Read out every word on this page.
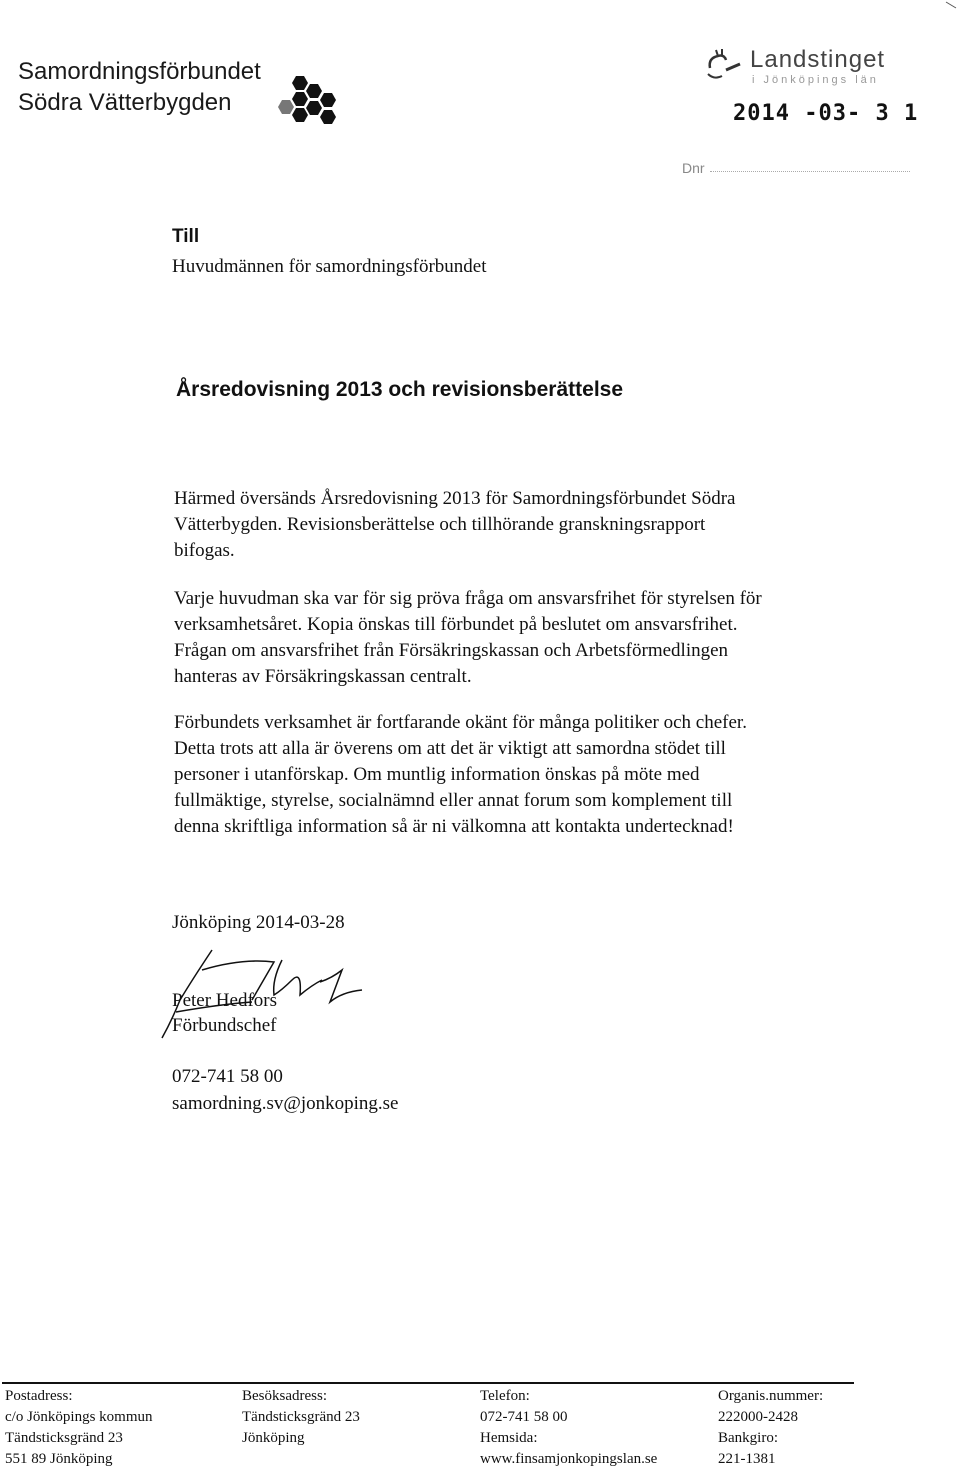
Samordningsförbundet
Södra Vätterbygden
Landstinget
i Jönköpings län
2014 -03- 3 1
Dnr
Till
Huvudmännen för samordningsförbundet
Årsredovisning 2013 och revisionsberättelse
Härmed översänds Årsredovisning 2013 för Samordningsförbundet Södra
Vätterbygden. Revisionsberättelse och tillhörande granskningsrapport
bifogas.
Varje huvudman ska var för sig pröva fråga om ansvarsfrihet för styrelsen för
verksamhetsåret. Kopia önskas till förbundet på beslutet om ansvarsfrihet.
Frågan om ansvarsfrihet från Försäkringskassan och Arbetsförmedlingen
hanteras av Försäkringskassan centralt.
Förbundets verksamhet är fortfarande okänt för många politiker och chefer.
Detta trots att alla är överens om att det är viktigt att samordna stödet till
personer i utanförskap. Om muntlig information önskas på möte med
fullmäktige, styrelse, socialnämnd eller annat forum som komplement till
denna skriftliga information så är ni välkomna att kontakta undertecknad!
Jönköping 2014-03-28
Peter Hedfors
Förbundschef
072-741 58 00
samordning.sv@jonkoping.se
Postadress:
c/o Jönköpings kommun
Tändsticksgränd 23
551 89 Jönköping
Besöksadress:
Tändsticksgränd 23
Jönköping
Telefon:
072-741 58 00
Hemsida:
www.finsamjonkopingslan.se
Organis.nummer:
222000-2428
Bankgiro:
221-1381
